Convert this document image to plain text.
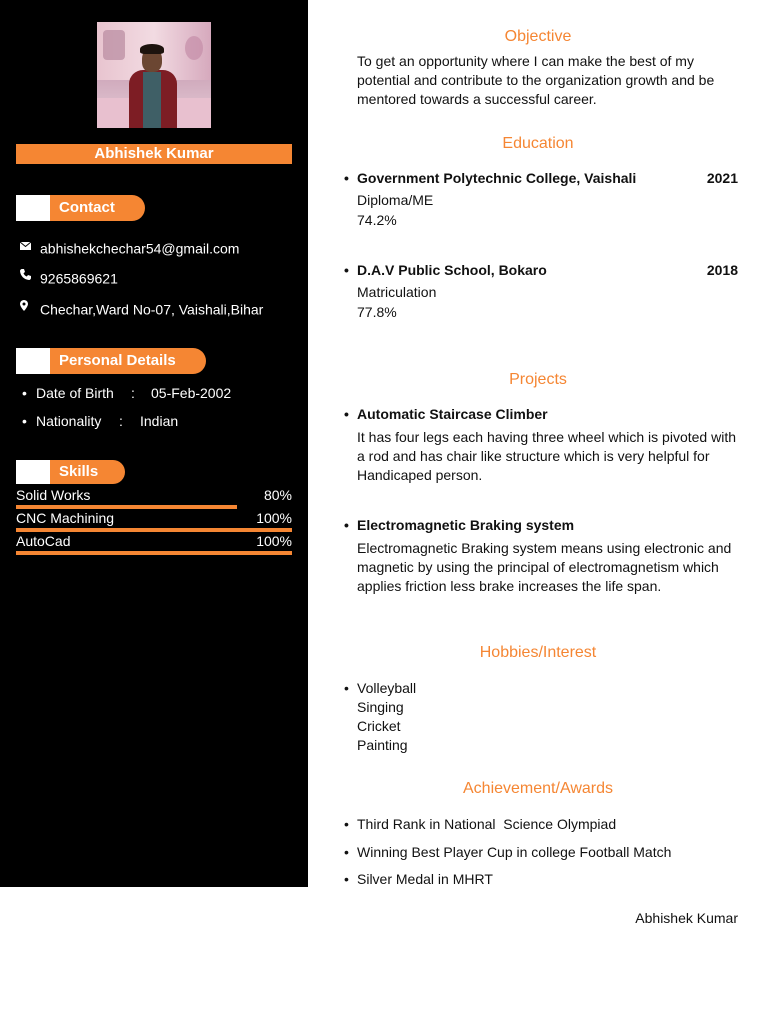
Abhishek Kumar
Contact
abhishekchechar54@gmail.com
9265869621
Chechar,Ward No-07, Vaishali,Bihar
Personal Details
• Date of Birth : 05-Feb-2002
• Nationality : Indian
Skills
Solid Works	80%
CNC Machining	100%
AutoCad	100%
Objective
To get an opportunity where I can make the best of my potential and contribute to the organization growth and be mentored towards a successful career.
Education
• Government Polytechnic College, Vaishali	2021
Diploma/ME
74.2%
• D.A.V Public School, Bokaro	2018
Matriculation
77.8%
Projects
• Automatic Staircase Climber
It has four legs each having three wheel which is pivoted with a rod and has chair like structure which is very helpful for Handicaped person.
• Electromagnetic Braking system
Electromagnetic Braking system means using electronic and magnetic by using the principal of electromagnetism which applies friction less brake increases the life span.
Hobbies/Interest
• Volleyball
Singing
Cricket
Painting
Achievement/Awards
• Third Rank in National  Science Olympiad
• Winning Best Player Cup in college Football Match
• Silver Medal in MHRT
Abhishek Kumar
